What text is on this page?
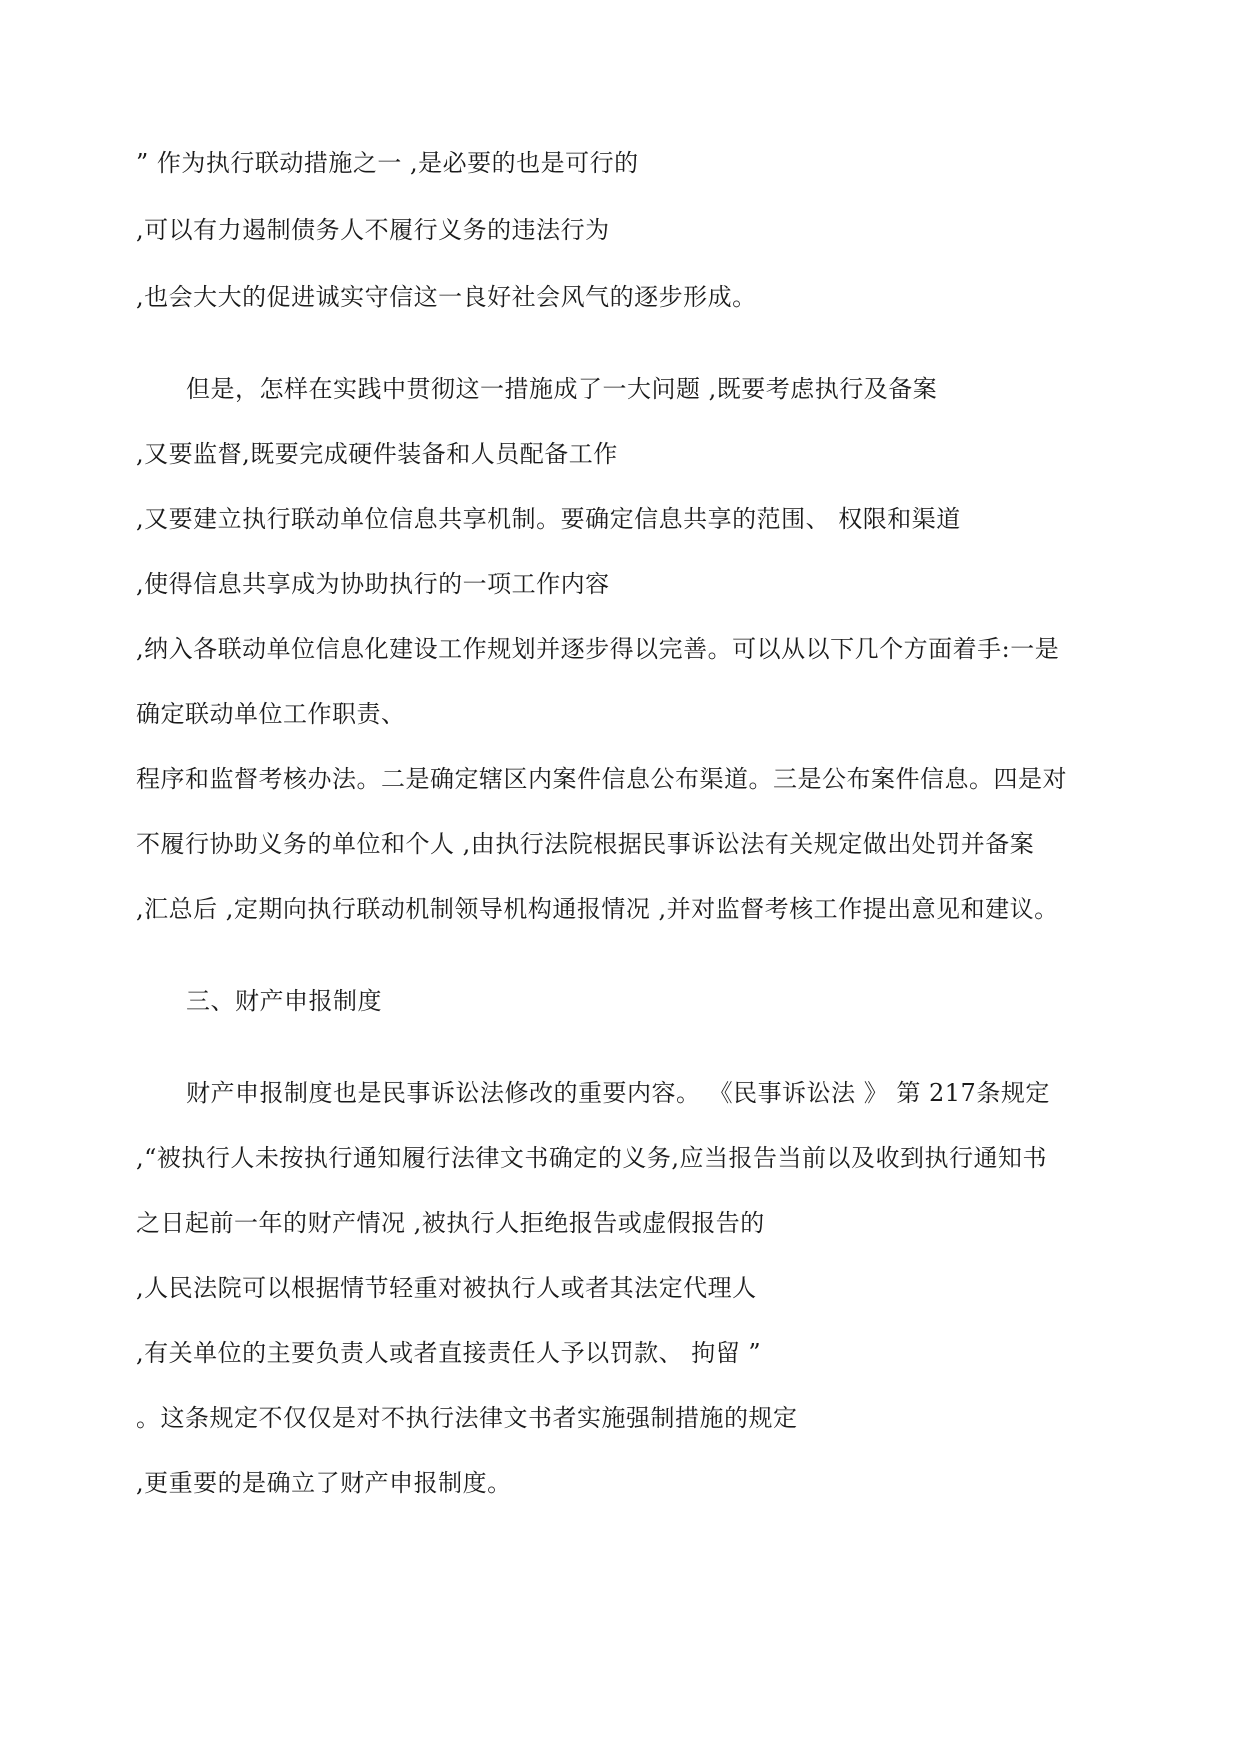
” 作为执行联动措施之一 ,是必要的也是可行的
,可以有力遏制债务人不履行义务的违法行为
,也会大大的促进诚实守信这一良好社会风气的逐步形成。
但是，怎样在实践中贯彻这一措施成了一大问题 ,既要考虑执行及备案
,又要监督,既要完成硬件装备和人员配备工作
,又要建立执行联动单位信息共享机制。要确定信息共享的范围、 权限和渠道
,使得信息共享成为协助执行的一项工作内容
,纳入各联动单位信息化建设工作规划并逐步得以完善。可以从以下几个方面着手:一是
确定联动单位工作职责、
程序和监督考核办法。二是确定辖区内案件信息公布渠道。三是公布案件信息。四是对
不履行协助义务的单位和个人 ,由执行法院根据民事诉讼法有关规定做出处罚并备案
,汇总后 ,定期向执行联动机制领导机构通报情况 ,并对监督考核工作提出意见和建议。
三、财产申报制度
财产申报制度也是民事诉讼法修改的重要内容。 《民事诉讼法 》 第 217条规定
,“被执行人未按执行通知履行法律文书确定的义务,应当报告当前以及收到执行通知书
之日起前一年的财产情况 ,被执行人拒绝报告或虚假报告的
,人民法院可以根据情节轻重对被执行人或者其法定代理人
,有关单位的主要负责人或者直接责任人予以罚款、 拘留 ”
。这条规定不仅仅是对不执行法律文书者实施强制措施的规定
,更重要的是确立了财产申报制度。
